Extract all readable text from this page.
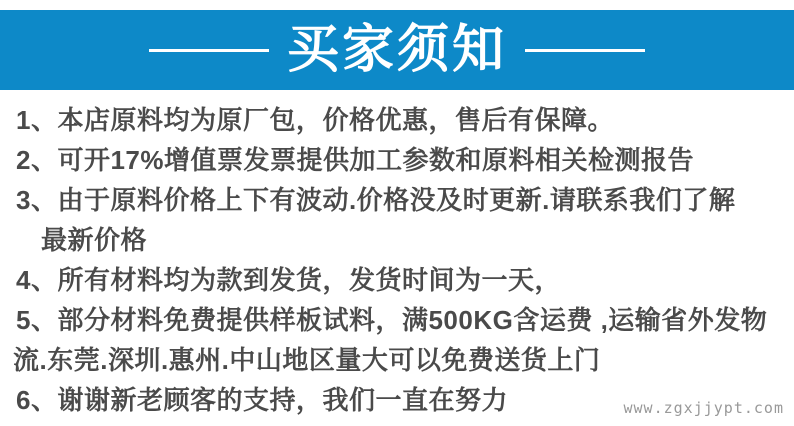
买家须知
1、本店原料均为原厂包，价格优惠，售后有保障。
2、可开17%增值票发票提供加工参数和原料相关检测报告
3、由于原料价格上下有波动.价格没及时更新.请联系我们了解
最新价格
4、所有材料均为款到发货，发货时间为一天，
5、部分材料免费提供样板试料，满500KG含运费 ,运输省外发物
流.东莞.深圳.惠州.中山地区量大可以免费送货上门
6、谢谢新老顾客的支持，我们一直在努力	www.zgxjjypt.com
